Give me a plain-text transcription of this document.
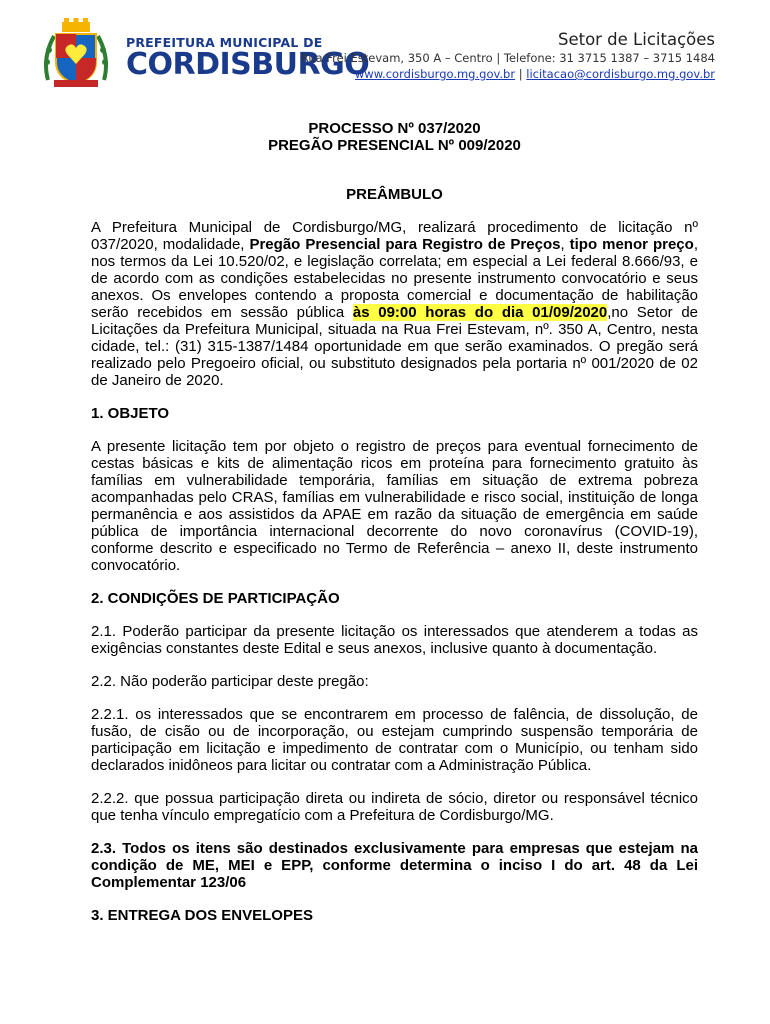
PREFEITURA MUNICIPAL DE
CORDISBURGO
Setor de Licitações
Rua Frei Estevam, 350 A – Centro | Telefone: 31 3715 1387 – 3715 1484
www.cordisburgo.mg.gov.br | licitacao@cordisburgo.mg.gov.br

PROCESSO Nº 037/2020

PREGÃO PRESENCIAL Nº 009/2020

PREÂMBULO

A Prefeitura Municipal de Cordisburgo/MG, realizará procedimento de licitação nº 037/2020, modalidade, Pregão Presencial para Registro de Preços, tipo menor preço, nos termos da Lei 10.520/02, e legislação correlata; em especial a Lei federal 8.666/93, e de acordo com as condições estabelecidas no presente instrumento convocatório e seus anexos. Os envelopes contendo a proposta comercial e documentação de habilitação serão recebidos em sessão pública às 09:00 horas do dia 01/09/2020,no Setor de Licitações da Prefeitura Municipal, situada na Rua Frei Estevam, nº. 350 A, Centro, nesta cidade, tel.: (31) 315-1387/1484 oportunidade em que serão examinados. O pregão será realizado pelo Pregoeiro oficial, ou substituto designados pela portaria nº 001/2020 de 02 de Janeiro de 2020.

1. OBJETO

A presente licitação tem por objeto o registro de preços para eventual fornecimento de cestas básicas e kits de alimentação ricos em proteína para fornecimento gratuito às famílias em vulnerabilidade temporária, famílias em situação de extrema pobreza acompanhadas pelo CRAS, famílias em vulnerabilidade e risco social, instituição de longa permanência e aos assistidos da APAE em razão da situação de emergência em saúde pública de importância internacional decorrente do novo coronavírus (COVID-19), conforme descrito e especificado no Termo de Referência – anexo II, deste instrumento convocatório.

2. CONDIÇÕES DE PARTICIPAÇÃO

2.1. Poderão participar da presente licitação os interessados que atenderem a todas as exigências constantes deste Edital e seus anexos, inclusive quanto à documentação.

2.2. Não poderão participar deste pregão:

2.2.1. os interessados que se encontrarem em processo de falência, de dissolução, de fusão, de cisão ou de incorporação, ou estejam cumprindo suspensão temporária de participação em licitação e impedimento de contratar com o Município, ou tenham sido declarados inidôneos para licitar ou contratar com a Administração Pública.

2.2.2. que possua participação direta ou indireta de sócio, diretor ou responsável técnico que tenha vínculo empregatício com a Prefeitura de Cordisburgo/MG.

2.3. Todos os itens são destinados exclusivamente para empresas que estejam na condição de ME, MEI e EPP, conforme determina o inciso I do art. 48 da Lei Complementar 123/06

3. ENTREGA DOS ENVELOPES
